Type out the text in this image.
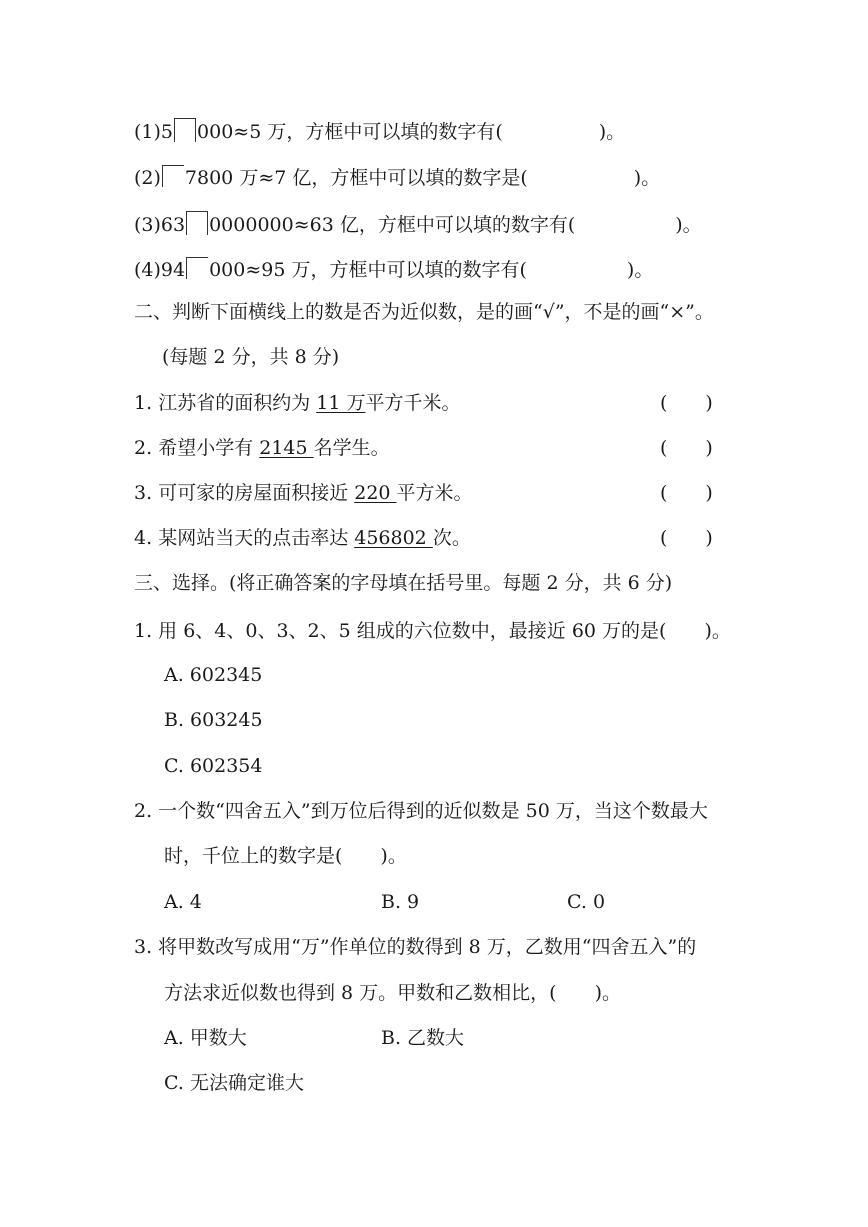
(1)5 000≈5 万，方框中可以填的数字有(	)。
(2) 7800 万≈7 亿，方框中可以填的数字是(	)。
(3)63 0000000≈63 亿，方框中可以填的数字有(	)。
(4)94 000≈95 万，方框中可以填的数字有(	)。
二、判断下面横线上的数是否为近似数，是的画“√”，不是的画“×”。
(每题 2 分，共 8 分)
1. 江苏省的面积约为 11 万平方千米。	(　　)
2. 希望小学有 2145 名学生。	(　　)
3. 可可家的房屋面积接近 220 平方米。	(　　)
4. 某网站当天的点击率达 456802 次。	(　　)
三、选择。(将正确答案的字母填在括号里。每题 2 分，共 6 分)
1. 用 6、4、0、3、2、5 组成的六位数中，最接近 60 万的是(　　)。
A. 602345
B. 603245
C. 602354
2. 一个数“四舍五入”到万位后得到的近似数是 50 万，当这个数最大
时，千位上的数字是(　　)。
A. 4	B. 9	C. 0
3. 将甲数改写成用“万”作单位的数得到 8 万，乙数用“四舍五入”的
方法求近似数也得到 8 万。甲数和乙数相比，(　　)。
A. 甲数大	B. 乙数大
C. 无法确定谁大
